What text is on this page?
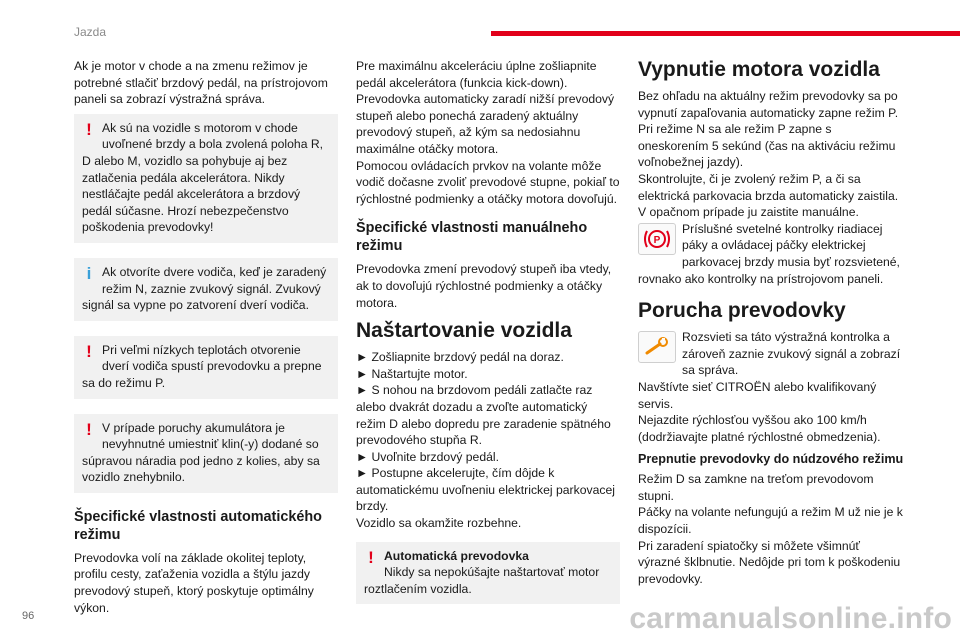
Jazda

Ak je motor v chode a na zmenu režimov je potrebné stlačiť brzdový pedál, na prístrojovom paneli sa zobrazí výstražná správa.

! Ak sú na vozidle s motorom v chode uvoľnené brzdy a bola zvolená poloha R, D alebo M, vozidlo sa pohybuje aj bez zatlačenia pedála akcelerátora. Nikdy nestláčajte pedál akcelerátora a brzdový pedál súčasne. Hrozí nebezpečenstvo poškodenia prevodovky!
i Ak otvoríte dvere vodiča, keď je zaradený režim N, zaznie zvukový signál. Zvukový signál sa vypne po zatvorení dverí vodiča.
! Pri veľmi nízkych teplotách otvorenie dverí vodiča spustí prevodovku a prepne sa do režimu P.
! V prípade poruchy akumulátora je nevyhnutné umiestniť klin(-y) dodané so súpravou náradia pod jedno z kolies, aby sa vozidlo znehybnilo.
Špecifické vlastnosti automatického režimu

Prevodovka volí na základe okolitej teploty, profilu cesty, zaťaženia vozidla a štýlu jazdy prevodový stupeň, ktorý poskytuje optimálny výkon.

Pre maximálnu akceleráciu úplne zošliapnite pedál akcelerátora (funkcia kick-down).

Prevodovka automaticky zaradí nižší prevodový stupeň alebo ponechá zaradený aktuálny prevodový stupeň, až kým sa nedosiahnu maximálne otáčky motora.

Pomocou ovládacích prvkov na volante môže vodič dočasne zvoliť prevodové stupne, pokiaľ to rýchlostné podmienky a otáčky motora dovoľujú.

Špecifické vlastnosti manuálneho režimu

Prevodovka zmení prevodový stupeň iba vtedy, ak to dovoľujú rýchlostné podmienky a otáčky motora.

Naštartovanie vozidla
► Zošliapnite brzdový pedál na doraz.
► Naštartujte motor.
► S nohou na brzdovom pedáli zatlačte raz alebo dvakrát dozadu a zvoľte automatický režim D alebo dopredu pre zaradenie spätného prevodového stupňa R.
► Uvoľnite brzdový pedál.
► Postupne akcelerujte, čím dôjde k automatickému uvoľneniu elektrickej parkovacej brzdy.

Vozidlo sa okamžite rozbehne.

! Automatická prevodovka
Nikdy sa nepokúšajte naštartovať motor roztlačením vozidla.
Vypnutie motora vozidla

Bez ohľadu na aktuálny režim prevodovky sa po vypnutí zapaľovania automaticky zapne režim P. Pri režime N sa ale režim P zapne s oneskorením 5 sekúnd (čas na aktiváciu režimu voľnobežnej jazdy).

Skontrolujte, či je zvolený režim P, a či sa elektrická parkovacia brzda automaticky zaistila. V opačnom prípade ju zaistite manuálne.

P
Príslušné svetelné kontrolky riadiacej páky a ovládacej páčky elektrickej parkovacej brzdy musia byť rozsvietené, rovnako ako kontrolky na prístrojovom paneli.
Porucha prevodovky
Rozsvieti sa táto výstražná kontrolka a zároveň zaznie zvukový signál a zobrazí sa správa.

Navštívte sieť CITROËN alebo kvalifikovaný servis.

Nejazdite rýchlosťou vyššou ako 100 km/h (dodržiavajte platné rýchlostné obmedzenia).

Prepnutie prevodovky do núdzového režimu

Režim D sa zamkne na treťom prevodovom stupni.

Páčky na volante nefungujú a režim M už nie je k dispozícii.

Pri zaradení spiatočky si môžete všimnúť výrazné šklbnutie. Nedôjde pri tom k poškodeniu prevodovky.

96	carmanualsonline.info
